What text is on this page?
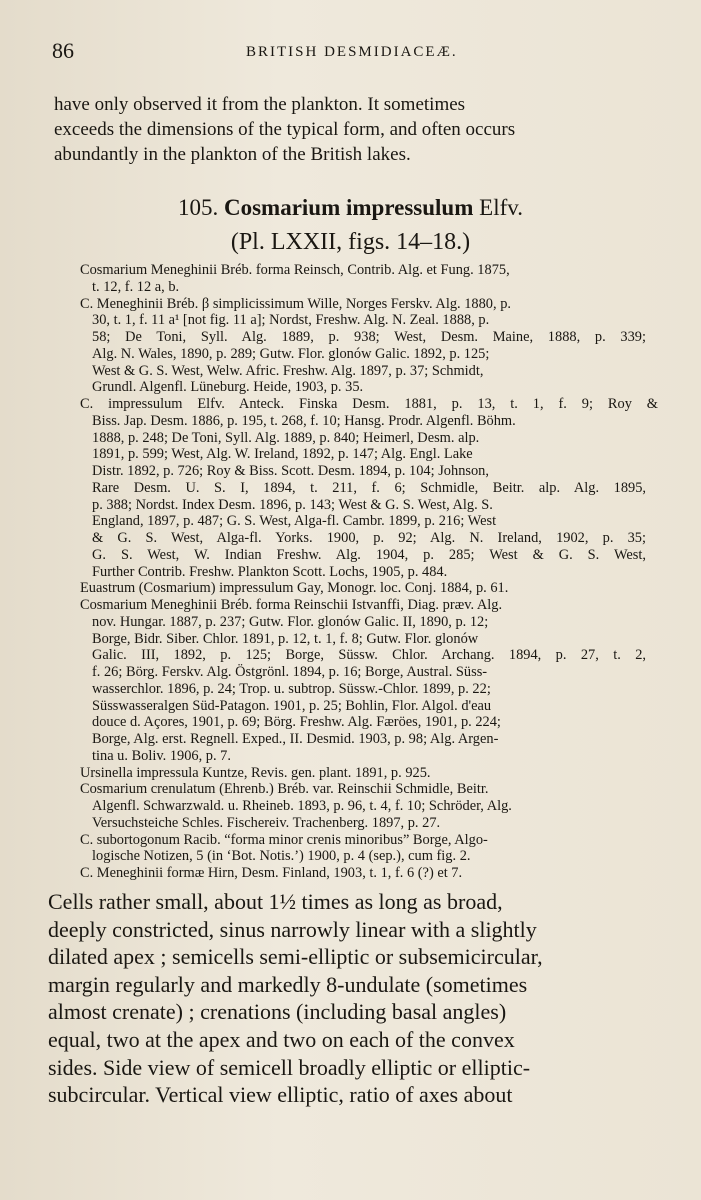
86	BRITISH DESMIDIACEÆ.
have only observed it from the plankton. It sometimes
exceeds the dimensions of the typical form, and often occurs
abundantly in the plankton of the British lakes.
105. Cosmarium impressulum Elfv.
(Pl. LXXII, figs. 14–18.)
Cosmarium Meneghinii Bréb. forma Reinsch, Contrib. Alg. et Fung. 1875,
t. 12, f. 12 a, b.
C. Meneghinii Bréb. β simplicissimum Wille, Norges Ferskv. Alg. 1880, p.
30, t. 1, f. 11 a¹ [not fig. 11 a]; Nordst, Freshw. Alg. N. Zeal. 1888, p.
58; De Toni, Syll. Alg. 1889, p. 938; West, Desm. Maine, 1888, p. 339;
Alg. N. Wales, 1890, p. 289; Gutw. Flor. glonów Galic. 1892, p. 125;
West & G. S. West, Welw. Afric. Freshw. Alg. 1897, p. 37; Schmidt,
Grundl. Algenfl. Lüneburg. Heide, 1903, p. 35.
C. impressulum Elfv. Anteck. Finska Desm. 1881, p. 13, t. 1, f. 9; Roy &
Biss. Jap. Desm. 1886, p. 195, t. 268, f. 10; Hansg. Prodr. Algenfl. Böhm.
1888, p. 248; De Toni, Syll. Alg. 1889, p. 840; Heimerl, Desm. alp.
1891, p. 599; West, Alg. W. Ireland, 1892, p. 147; Alg. Engl. Lake
Distr. 1892, p. 726; Roy & Biss. Scott. Desm. 1894, p. 104; Johnson,
Rare Desm. U. S. I, 1894, t. 211, f. 6; Schmidle, Beitr. alp. Alg. 1895,
p. 388; Nordst. Index Desm. 1896, p. 143; West & G. S. West, Alg. S.
England, 1897, p. 487; G. S. West, Alga-fl. Cambr. 1899, p. 216; West
& G. S. West, Alga-fl. Yorks. 1900, p. 92; Alg. N. Ireland, 1902, p. 35;
G. S. West, W. Indian Freshw. Alg. 1904, p. 285; West & G. S. West,
Further Contrib. Freshw. Plankton Scott. Lochs, 1905, p. 484.
Euastrum (Cosmarium) impressulum Gay, Monogr. loc. Conj. 1884, p. 61.
Cosmarium Meneghinii Bréb. forma Reinschii Istvanffi, Diag. præv. Alg.
nov. Hungar. 1887, p. 237; Gutw. Flor. glonów Galic. II, 1890, p. 12;
Borge, Bidr. Siber. Chlor. 1891, p. 12, t. 1, f. 8; Gutw. Flor. glonów
Galic. III, 1892, p. 125; Borge, Süssw. Chlor. Archang. 1894, p. 27, t. 2,
f. 26; Börg. Ferskv. Alg. Östgrönl. 1894, p. 16; Borge, Austral. Süss-
wasserchlor. 1896, p. 24; Trop. u. subtrop. Süssw.-Chlor. 1899, p. 22;
Süsswasseralgen Süd-Patagon. 1901, p. 25; Bohlin, Flor. Algol. d'eau
douce d. Açores, 1901, p. 69; Börg. Freshw. Alg. Færöes, 1901, p. 224;
Borge, Alg. erst. Regnell. Exped., II. Desmid. 1903, p. 98; Alg. Argen-
tina u. Boliv. 1906, p. 7.
Ursinella impressula Kuntze, Revis. gen. plant. 1891, p. 925.
Cosmarium crenulatum (Ehrenb.) Bréb. var. Reinschii Schmidle, Beitr.
Algenfl. Schwarzwald. u. Rheineb. 1893, p. 96, t. 4, f. 10; Schröder, Alg.
Versuchsteiche Schles. Fischereiv. Trachenberg. 1897, p. 27.
C. subortogonum Racib. “forma minor crenis minoribus” Borge, Algo-
logische Notizen, 5 (in ‘Bot. Notis.’) 1900, p. 4 (sep.), cum fig. 2.
C. Meneghinii formæ Hirn, Desm. Finland, 1903, t. 1, f. 6 (?) et 7.
Cells rather small, about 1½ times as long as broad,
deeply constricted, sinus narrowly linear with a slightly
dilated apex ; semicells semi-elliptic or subsemicircular,
margin regularly and markedly 8-undulate (sometimes
almost crenate) ; crenations (including basal angles)
equal, two at the apex and two on each of the convex
sides. Side view of semicell broadly elliptic or elliptic-
subcircular. Vertical view elliptic, ratio of axes about
